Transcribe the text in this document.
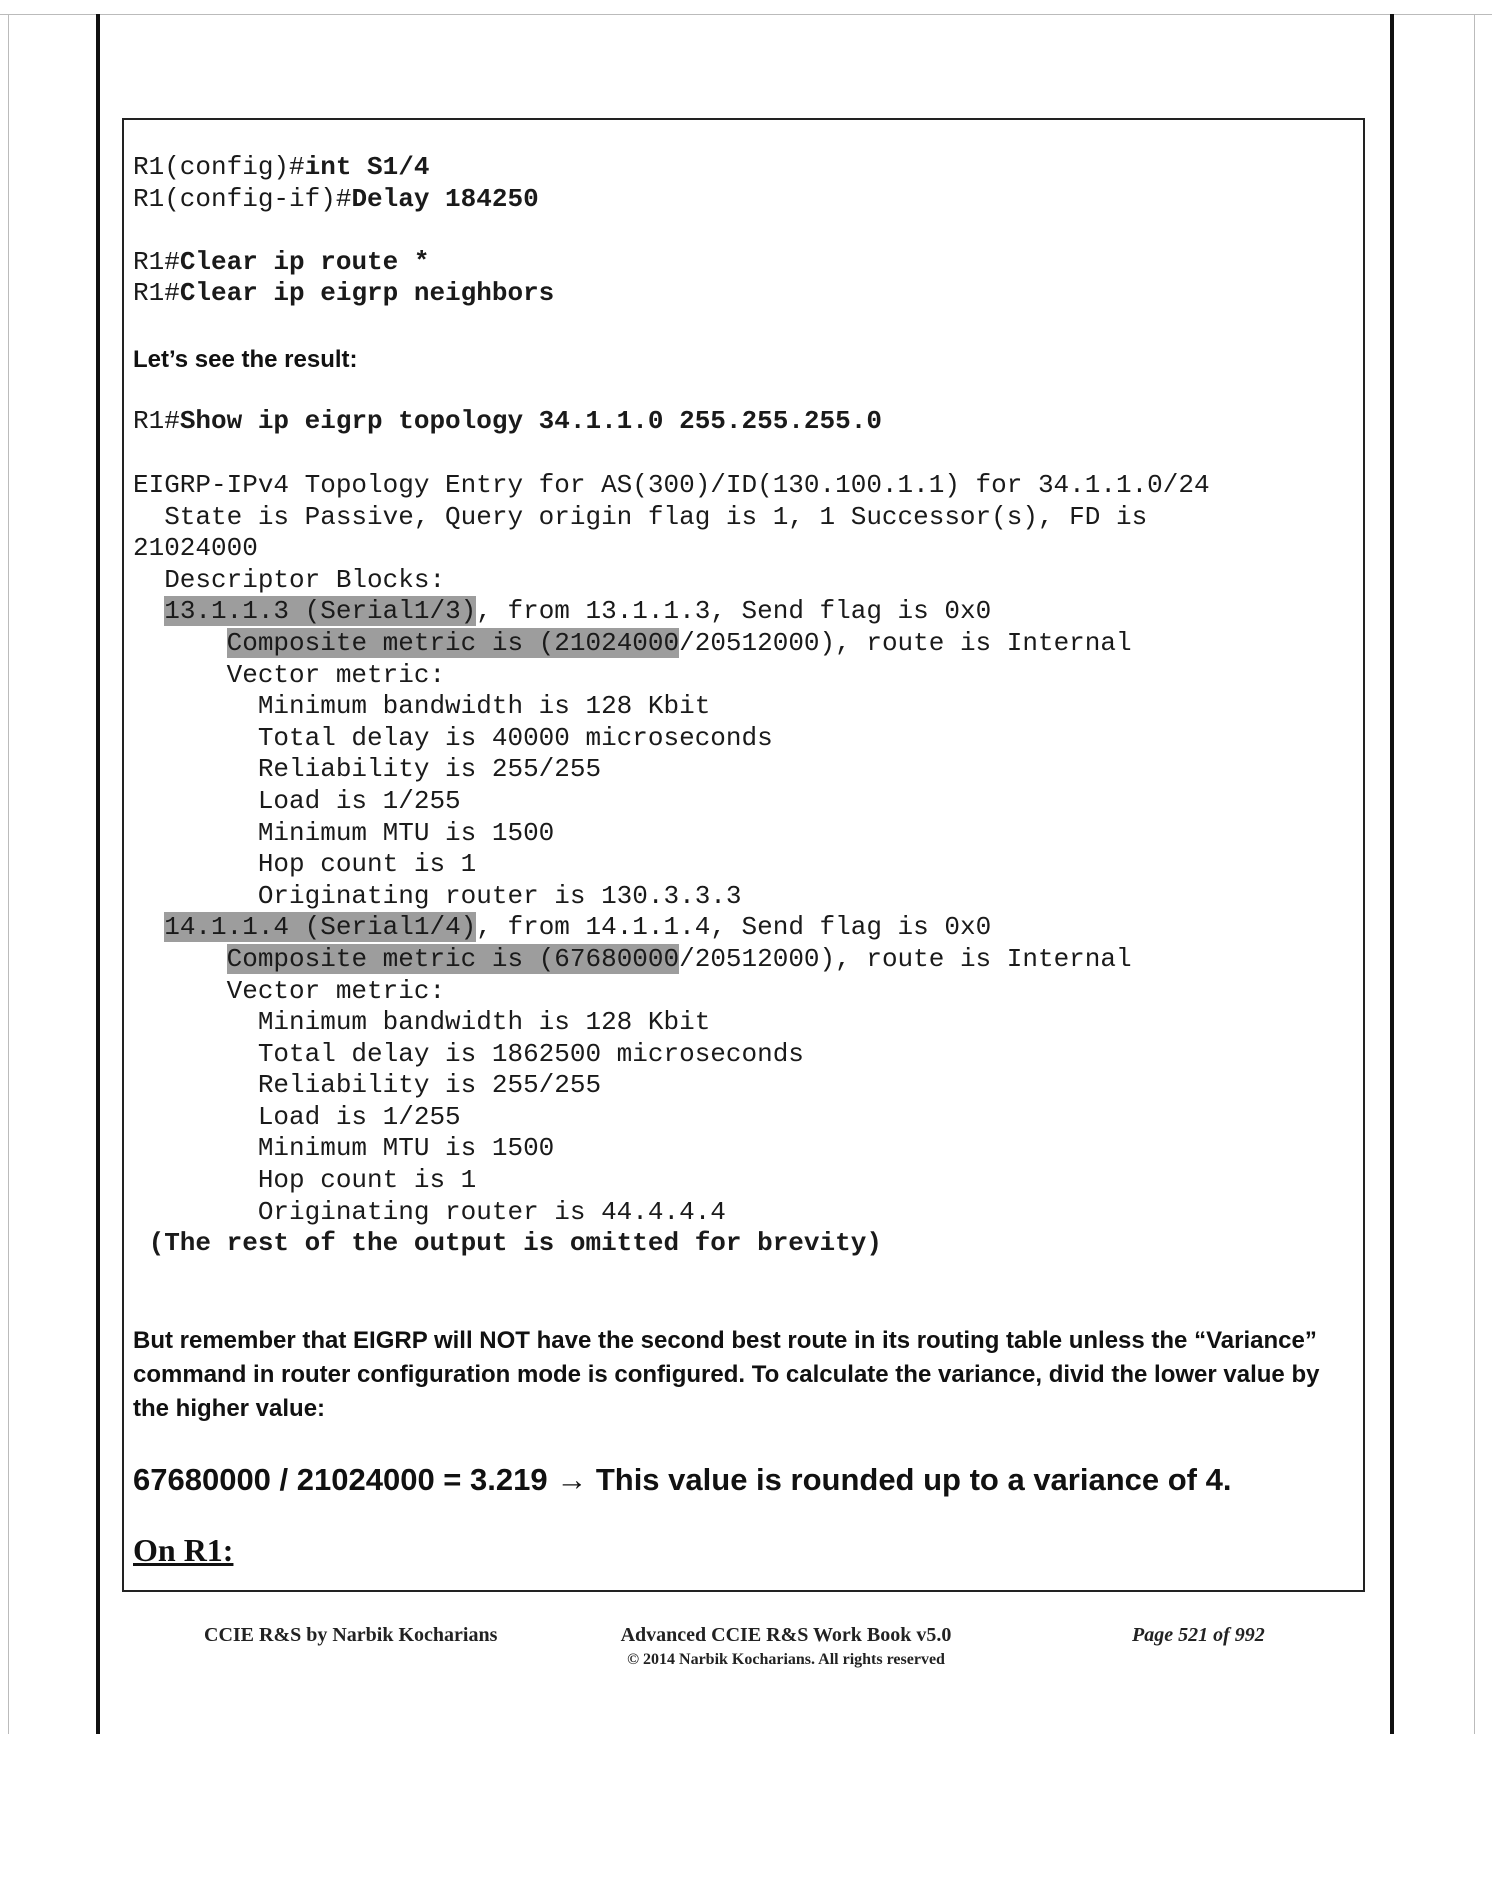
R1(config)#int S1/4
R1(config-if)#Delay 184250

R1#Clear ip route *
R1#Clear ip eigrp neighbors

Let’s see the result:

R1#Show ip eigrp topology 34.1.1.0 255.255.255.0
EIGRP-IPv4 Topology Entry for AS(300)/ID(130.100.1.1) for 34.1.1.0/24
State is Passive, Query origin flag is 1, 1 Successor(s), FD is
21024000
Descriptor Blocks:
13.1.1.3 (Serial1/3), from 13.1.1.3, Send flag is 0x0
Composite metric is (21024000/20512000), route is Internal
Vector metric:
Minimum bandwidth is 128 Kbit
Total delay is 40000 microseconds
Reliability is 255/255
Load is 1/255
Minimum MTU is 1500
Hop count is 1
Originating router is 130.3.3.3
14.1.1.4 (Serial1/4), from 14.1.1.4, Send flag is 0x0
Composite metric is (67680000/20512000), route is Internal
Vector metric:
Minimum bandwidth is 128 Kbit
Total delay is 1862500 microseconds
Reliability is 255/255
Load is 1/255
Minimum MTU is 1500
Hop count is 1
Originating router is 44.4.4.4
(The rest of the output is omitted for brevity)

But remember that EIGRP will NOT have the second best route in its routing table unless the “Variance” command in router configuration mode is configured. To calculate the variance, divid the lower value by the higher value:

67680000 / 21024000 = 3.219 → This value is rounded up to a variance of 4.

On R1:

CCIE R&S by Narbik Kocharians	Advanced CCIE R&S Work Book v5.0
© 2014 Narbik Kocharians. All rights reserved
Page 521 of 992
